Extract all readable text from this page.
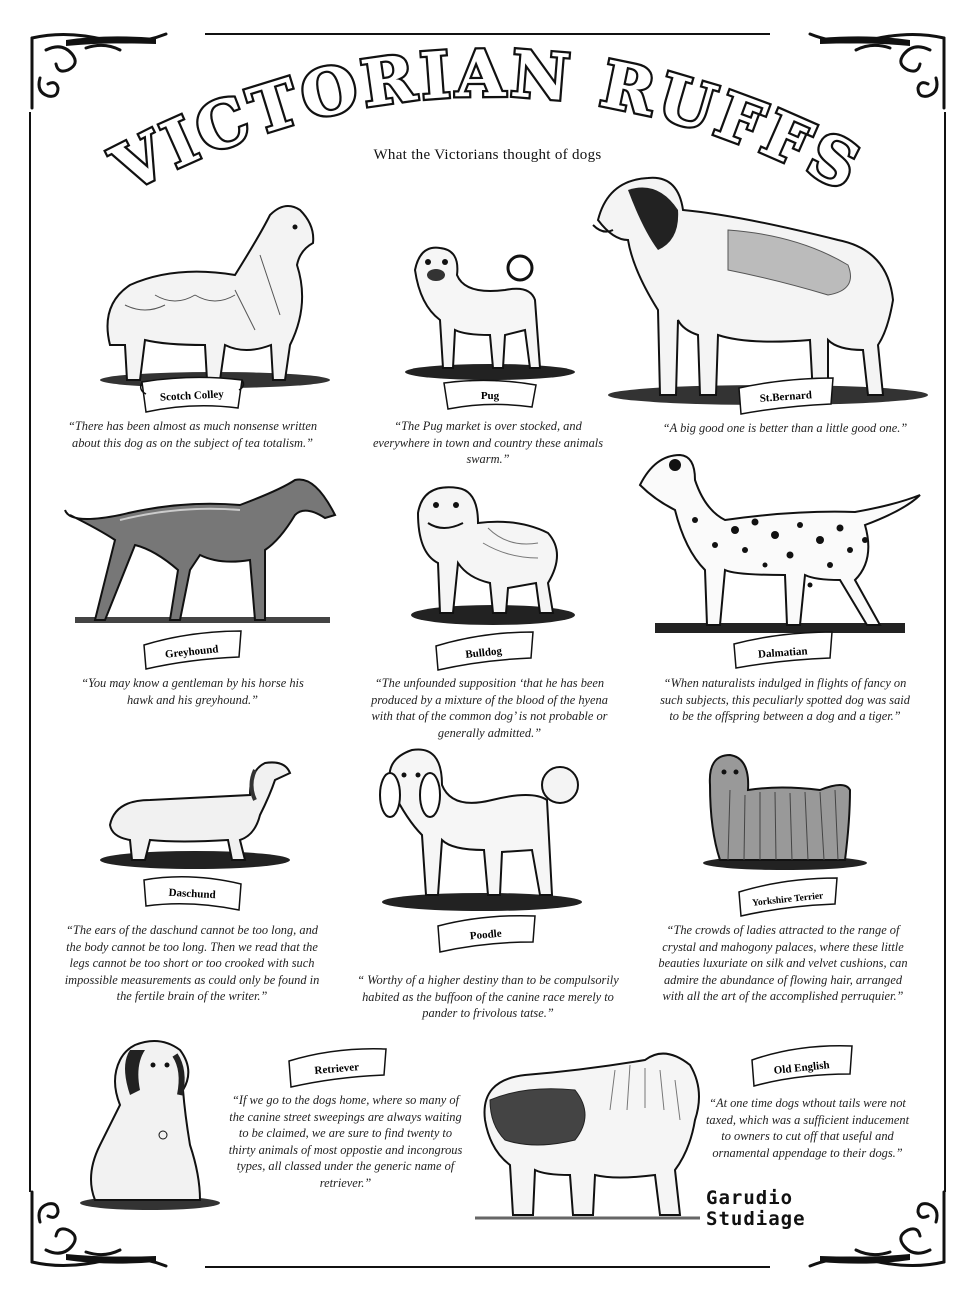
VICTORIAN RUFFS
What the Victorians thought of dogs
Scotch Colley	Pug	St.Bernard
Greyhound	Bulldog	Dalmatian
Daschund
Poodle
Yorkshire Terrier
Retriever	Old English
“There has been almost as much nonsense written about this dog as on the subject of tea totalism.”
“The Pug market is over stocked, and everywhere in town and country these animals swarm.”
“A big good one is better than a little good one.”
“You may know a gentleman by his horse his hawk and his greyhound.”
“The unfounded supposition ‘that he has been produced by a mixture of the blood of the hyena with that of the common dog’ is not probable or generally admitted.”
“When naturalists indulged in flights of fancy on such subjects, this peculiarly spotted dog was said to be the offspring between a dog and a tiger.”
“The ears of the daschund cannot be too long, and the body cannot be too long. Then we read that the legs cannot be too short or too crooked with such impossible measurements as could only be found in the fertile brain of the writer.”
“ Worthy of a higher destiny than to be compulsorily habited as the buffoon of the canine race merely to pander to frivolous tatse.”
“The crowds of ladies attracted to the range of crystal and mahogony palaces, where these little beauties luxuriate on silk and velvet cushions, can admire the abundance of flowing hair, arranged with all the art of the accomplished perruquier.”
“If we go to the dogs home, where so many of the canine street sweepings are always waiting to be claimed, we are sure to find twenty to thirty animals of most oppostie and incongrous types, all classed under the generic name of retriever.”
“At one time dogs wthout tails were not taxed, which was a sufficient inducement to owners to cut off that useful and ornamental appendage to their dogs.”
Garudio
Studiage
